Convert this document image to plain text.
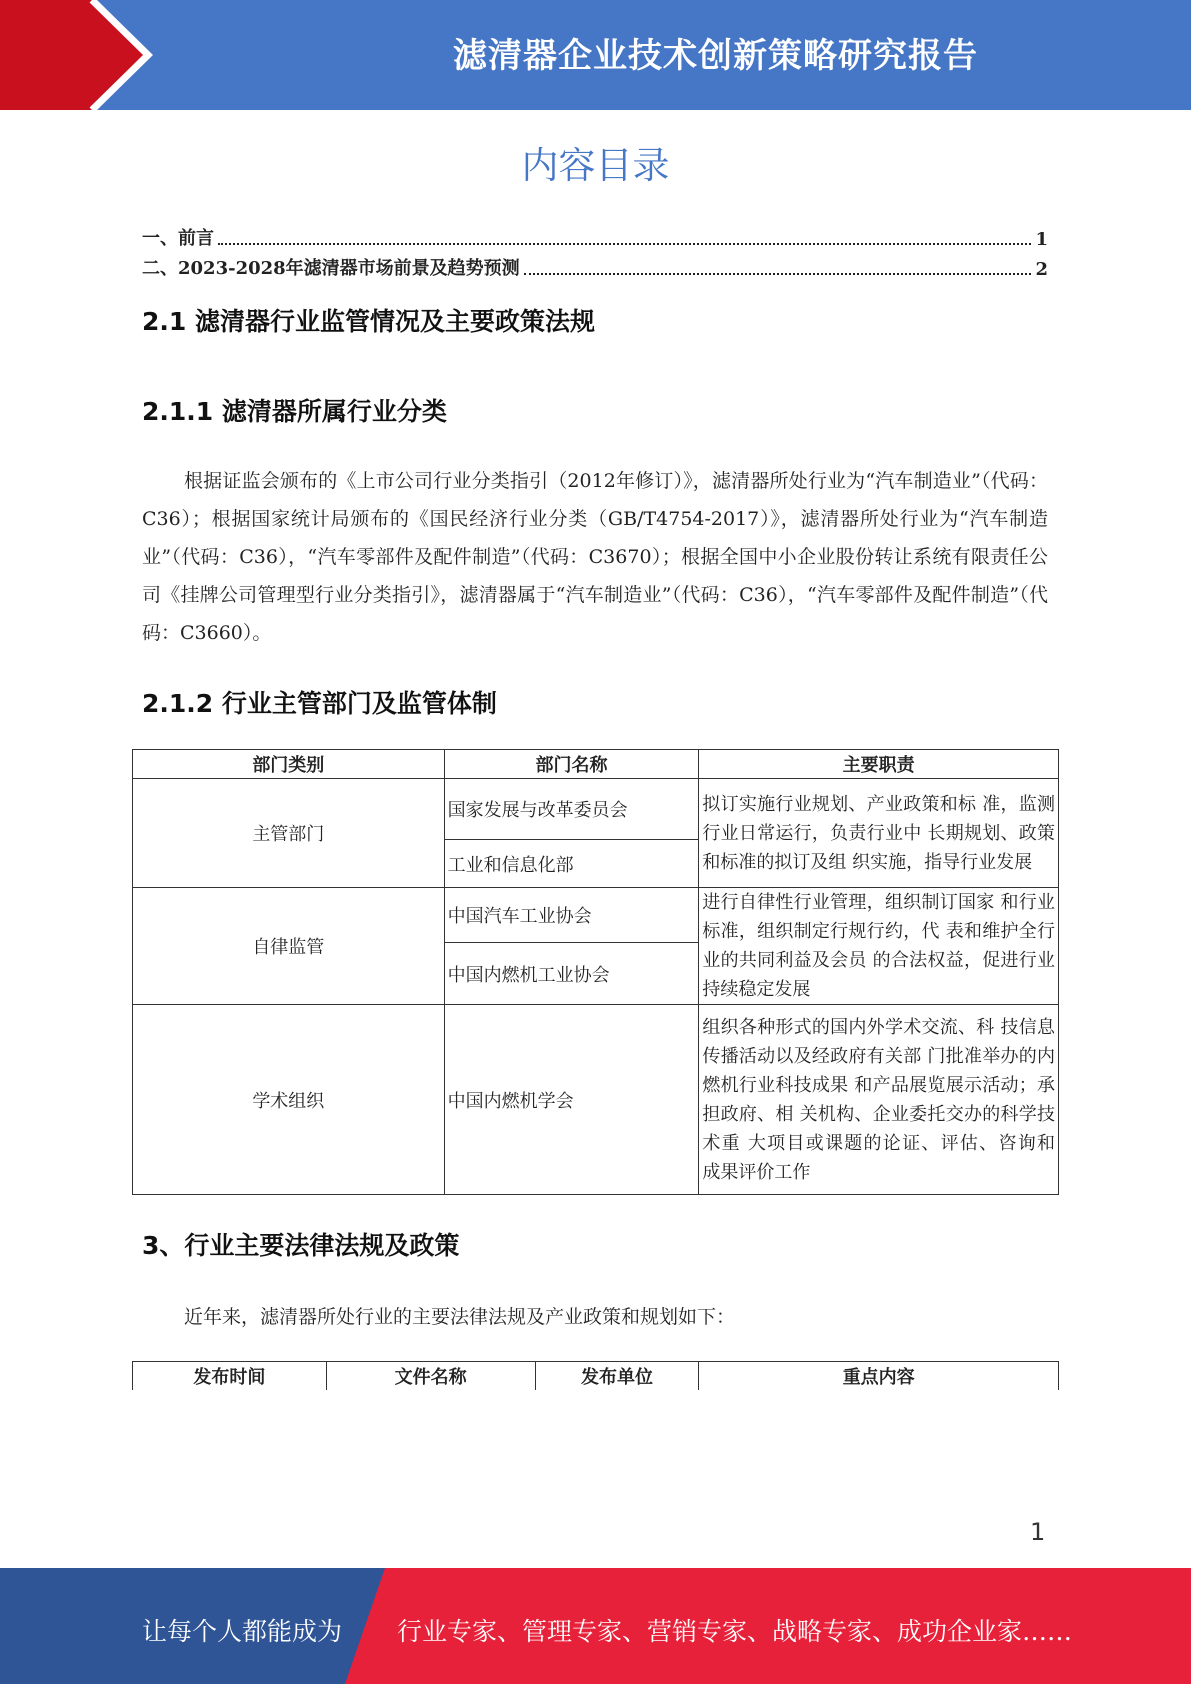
滤清器企业技术创新策略研究报告
内容目录
一、前言	1
二、2023-2028年滤清器市场前景及趋势预测	2
2.1 滤清器行业监管情况及主要政策法规
2.1.1 滤清器所属行业分类
根据证监会颁布的《上市公司行业分类指引（2012年修订）》，滤清器所处行业为“汽车制造业”（代码：C36）；根据国家统计局颁布的《国民经济行业分类（GB/T4754-2017）》，滤清器所处行业为“汽车制造业”（代码：C36），“汽车零部件及配件制造”（代码：C3670）；根据全国中小企业股份转让系统有限责任公司《挂牌公司管理型行业分类指引》，滤清器属于“汽车制造业”（代码：C36），“汽车零部件及配件制造”（代码：C3660）。
2.1.2 行业主管部门及监管体制
部门类别	部门名称	主要职责
主管部门	国家发展与改革委员会	拟订实施行业规划、产业政策和标 准，监测行业日常运行，负责行业中 长期规划、政策和标准的拟订及组 织实施，指导行业发展
	工业和信息化部	
自律监管	中国汽车工业协会	进行自律性行业管理，组织制订国家 和行业标准，组织制定行规行约，代 表和维护全行业的共同利益及会员 的合法权益，促进行业持续稳定发展
	中国内燃机工业协会	
学术组织	中国内燃机学会	组织各种形式的国内外学术交流、科 技信息传播活动以及经政府有关部 门批准举办的内燃机行业科技成果 和产品展览展示活动；承担政府、相 关机构、企业委托交办的科学技术重 大项目或课题的论证、评估、咨询和 成果评价工作
3、行业主要法律法规及政策
近年来，滤清器所处行业的主要法律法规及产业政策和规划如下：
发布时间	文件名称	发布单位	重点内容
1
让每个人都能成为 行业专家、管理专家、营销专家、战略专家、成功企业家……
